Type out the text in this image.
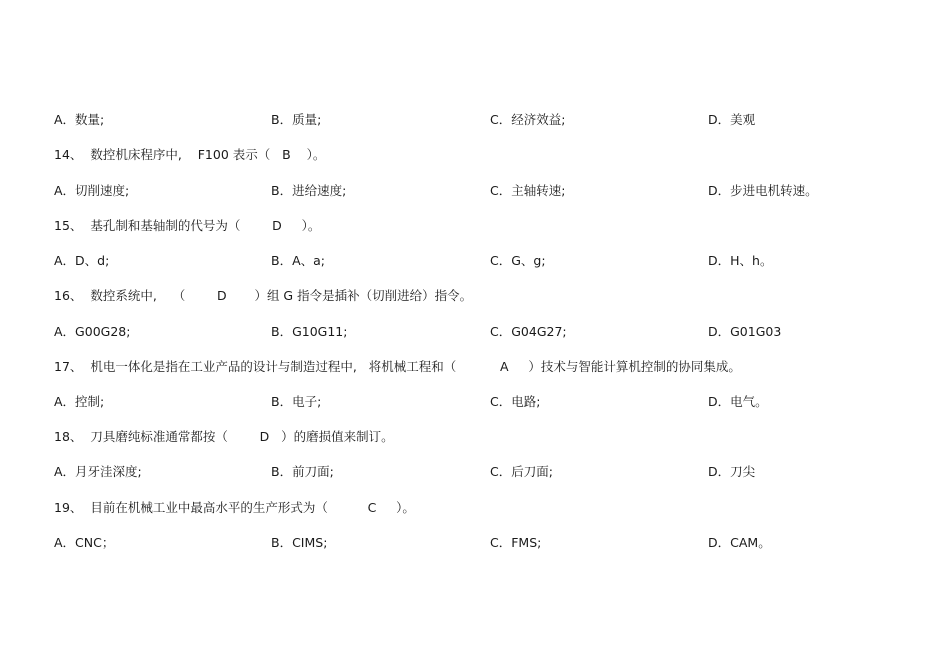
A．数量;

	B．质量;

	C．经济效益;

	D．美观

14、  数控机床程序中,    F100 表示（   B    ）。

A．切削速度;

	B．进给速度;

	C．主轴转速;

	D．步进电机转速。

15、  基孔制和基轴制的代号为（        D     ）。

A．D、d;

	B．A、a;

	C．G、g;

	D．H、h。

16、  数控系统中,    （        D       ）组 G 指令是插补（切削进给）指令。

A．G00G28;

	B．G10G11;

	C．G04G27;

	D．G01G03

17、  机电一体化是指在工业产品的设计与制造过程中,   将机械工程和（           A     ）技术与智能计算机控制的协同集成。

A．控制;

	B．电子;

	C．电路;

	D．电气。

18、  刀具磨纯标准通常都按（        D   ）的磨损值来制订。

A．月牙洼深度;

	B．前刀面;

	C．后刀面;

	D．刀尖

19、  目前在机械工业中最高水平的生产形式为（          C     ）。

A．CNC；

	B．CIMS;

	C．FMS;

	D．CAM。
